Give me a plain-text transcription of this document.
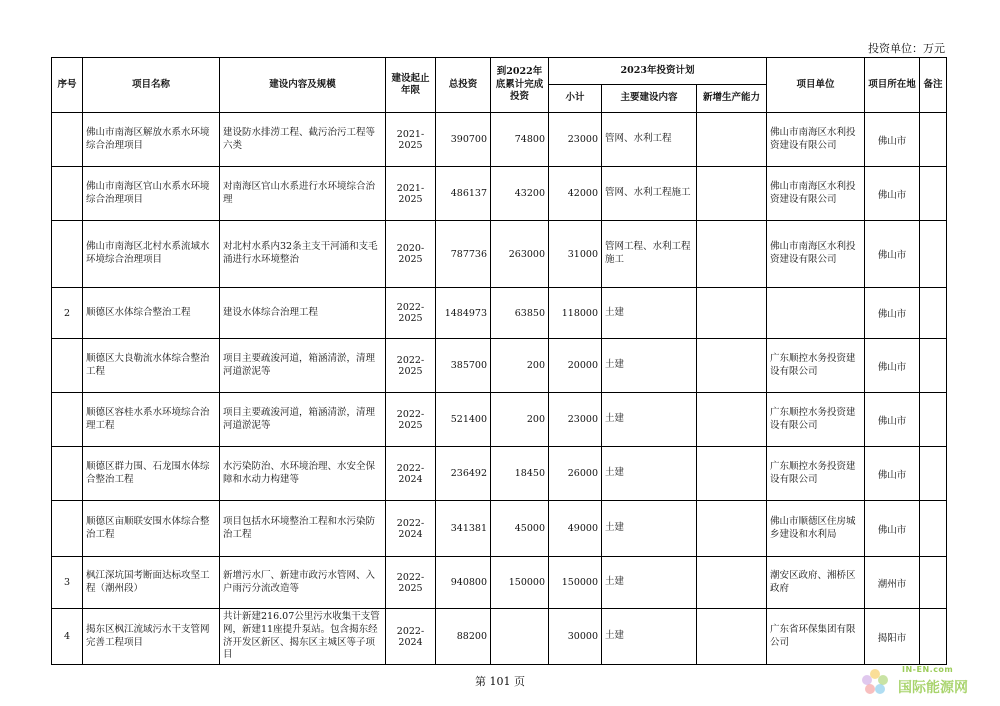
投资单位：万元
序号	项目名称	建设内容及规模	建设起止年限	总投资	到2022年底累计完成投资	2023年投资计划			项目单位	项目所在地	备注
						小计	主要建设内容	新增生产能力			
	佛山市南海区解放水系水环境综合治理项目	建设防水排涝工程、截污治污工程等六类	2021-2025	390700	74800	23000	管网、水利工程		佛山市南海区水利投资建设有限公司	佛山市	
	佛山市南海区官山水系水环境综合治理项目	对南海区官山水系进行水环境综合治理	2021-2025	486137	43200	42000	管网、水利工程施工		佛山市南海区水利投资建设有限公司	佛山市	
	佛山市南海区北村水系流域水环境综合治理项目	对北村水系内32条主支干河涌和支毛涌进行水环境整治	2020-2025	787736	263000	31000	管网工程、水利工程施工		佛山市南海区水利投资建设有限公司	佛山市	
2	顺德区水体综合整治工程	建设水体综合治理工程	2022-2025	1484973	63850	118000	土建			佛山市	
	顺德区大良勒流水体综合整治工程	项目主要疏浚河道，箱涵清淤，清理河道淤泥等	2022-2025	385700	200	20000	土建		广东顺控水务投资建设有限公司	佛山市	
	顺德区容桂水系水环境综合治理工程	项目主要疏浚河道，箱涵清淤，清理河道淤泥等	2022-2025	521400	200	23000	土建		广东顺控水务投资建设有限公司	佛山市	
	顺德区群力围、石龙围水体综合整治工程	水污染防治、水环境治理、水安全保障和水动力构建等	2022-2024	236492	18450	26000	土建		广东顺控水务投资建设有限公司	佛山市	
	顺德区亩顺联安围水体综合整治工程	项目包括水环境整治工程和水污染防治工程	2022-2024	341381	45000	49000	土建		佛山市顺德区住房城乡建设和水利局	佛山市	
3	枫江深坑国考断面达标攻坚工程（潮州段）	新增污水厂、新建市政污水管网、入户雨污分流改造等	2022-2025	940800	150000	150000	土建		潮安区政府、湘桥区政府	潮州市	
4	揭东区枫江流域污水干支管网完善工程项目	共计新建216.07公里污水收集干支管网，新建11座提升泵站。包含揭东经济开发区新区、揭东区主城区等子项目	2022-2024	88200		30000	土建		广东省环保集团有限公司	揭阳市	
第 101 页
IN-EN.com
国际能源网
